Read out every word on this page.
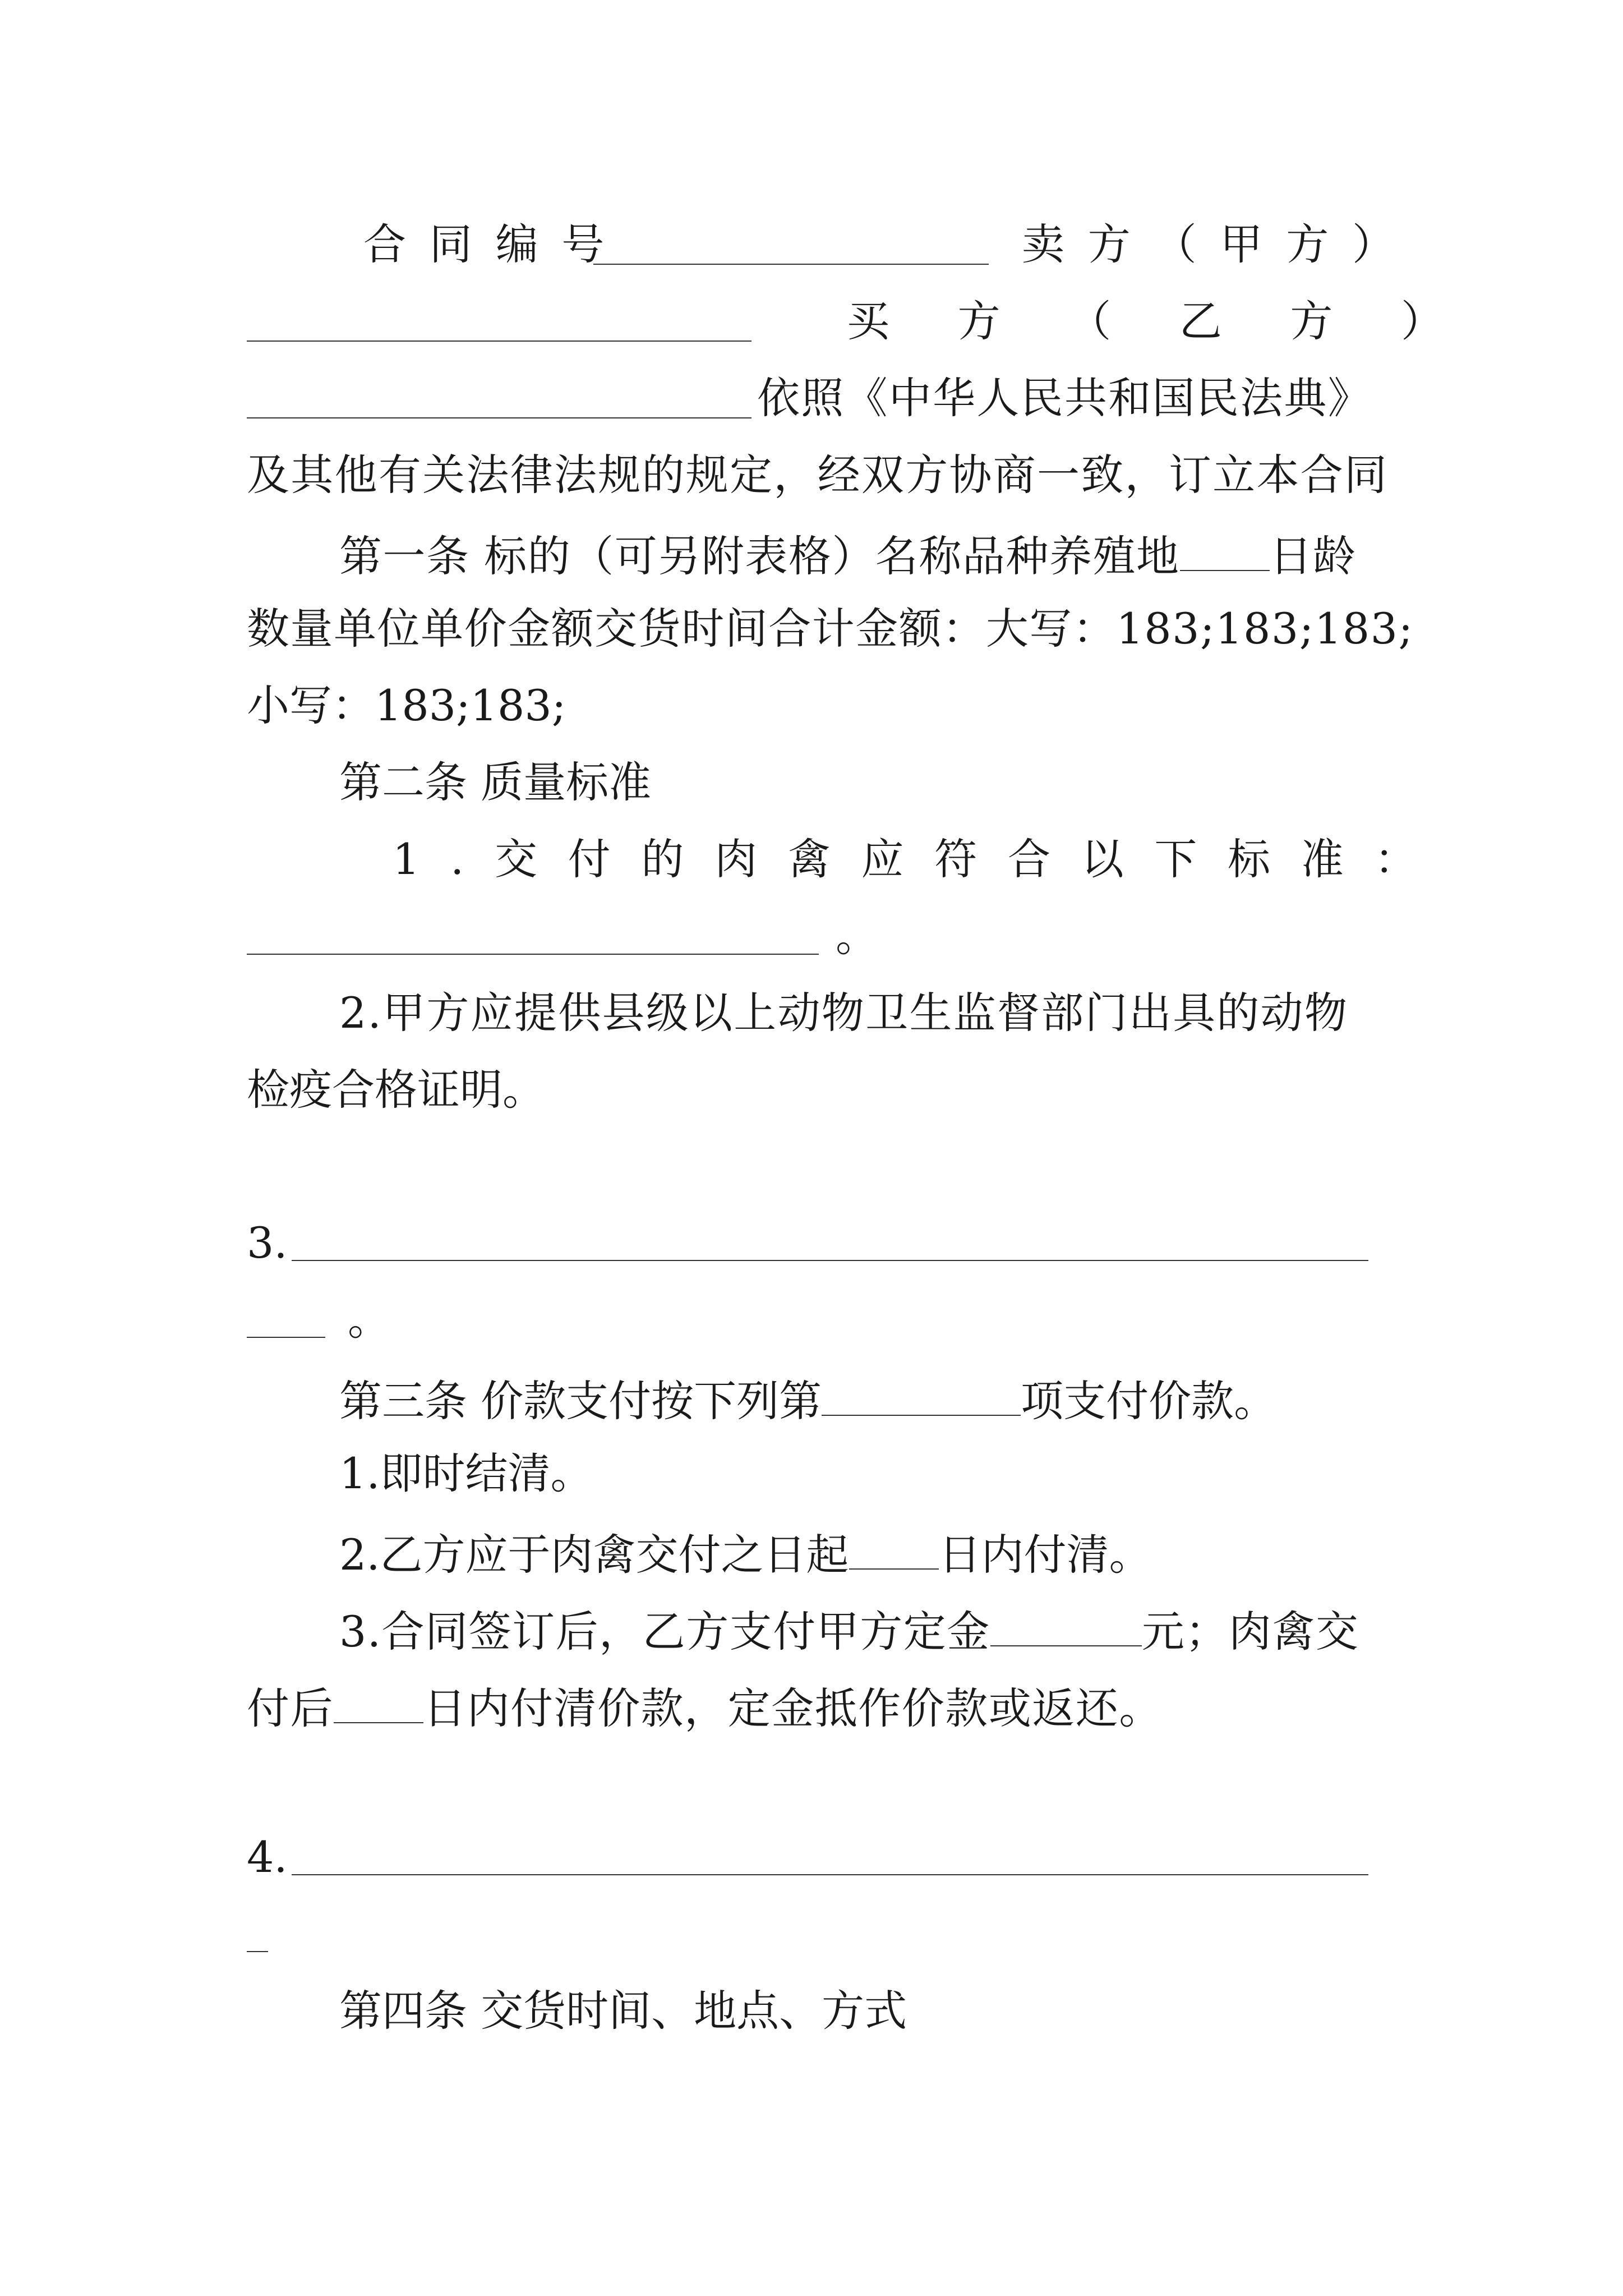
合同编号	卖方（甲方）
买方（乙方）
依照《中华人民共和国民法典》
及其他有关法律法规的规定，经双方协商一致，订立本合同
第一条 标的（可另附表格）名称品种养殖地 日龄
数量单位单价金额交货时间合计金额：大写：183;183;183;
小写：183;183;
第二条 质量标准
1.交付的肉禽应符合以下标准：
。
2.甲方应提供县级以上动物卫生监督部门出具的动物
检疫合格证明。
3.
。
第三条 价款支付按下列第	项支付价款。
1.即时结清。
2.乙方应于肉禽交付之日起 日内付清。
3.合同签订后，乙方支付甲方定金	元；肉禽交
付后 日内付清价款，定金抵作价款或返还。
4.
第四条 交货时间、地点、方式
